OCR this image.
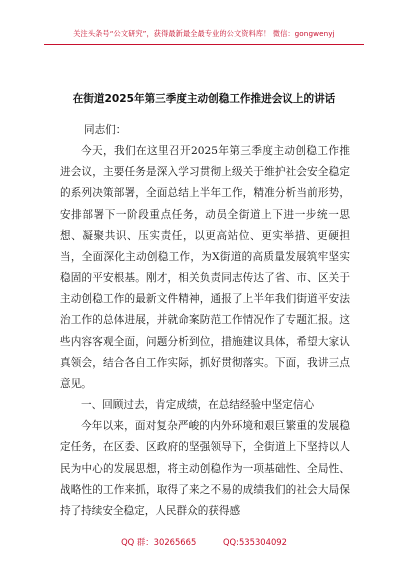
关注头条号“公文研究”，获得最新最全最专业的公文资料库！ 微信：gongwenyj
在街道2025年第三季度主动创稳工作推进会议上的讲话

同志们：

今天，我们在这里召开2025年第三季度主动创稳工作推进会议，主要任务是深入学习贯彻上级关于维护社会安全稳定的系列决策部署，全面总结上半年工作，精准分析当前形势，安排部署下一阶段重点任务，动员全街道上下进一步统一思想、凝聚共识、压实责任，以更高站位、更实举措、更硬担当，全面深化主动创稳工作，为X街道的高质量发展筑牢坚实稳固的平安根基。刚才，相关负责同志传达了省、市、区关于主动创稳工作的最新文件精神，通报了上半年我们街道平安法治工作的总体进展，并就命案防范工作情况作了专题汇报。这些内容客观全面，问题分析到位，措施建议具体，希望大家认真领会，结合各自工作实际，抓好贯彻落实。下面，我讲三点意见。

一、回顾过去，肯定成绩，在总结经验中坚定信心

今年以来，面对复杂严峻的内外环境和艰巨繁重的发展稳定任务，在区委、区政府的坚强领导下，全街道上下坚持以人民为中心的发展思想，将主动创稳作为一项基础性、全局性、战略性的工作来抓，取得了来之不易的成绩我们的社会大局保持了持续安全稳定，人民群众的获得感

QQ 群：30265665	QQ:535304092
